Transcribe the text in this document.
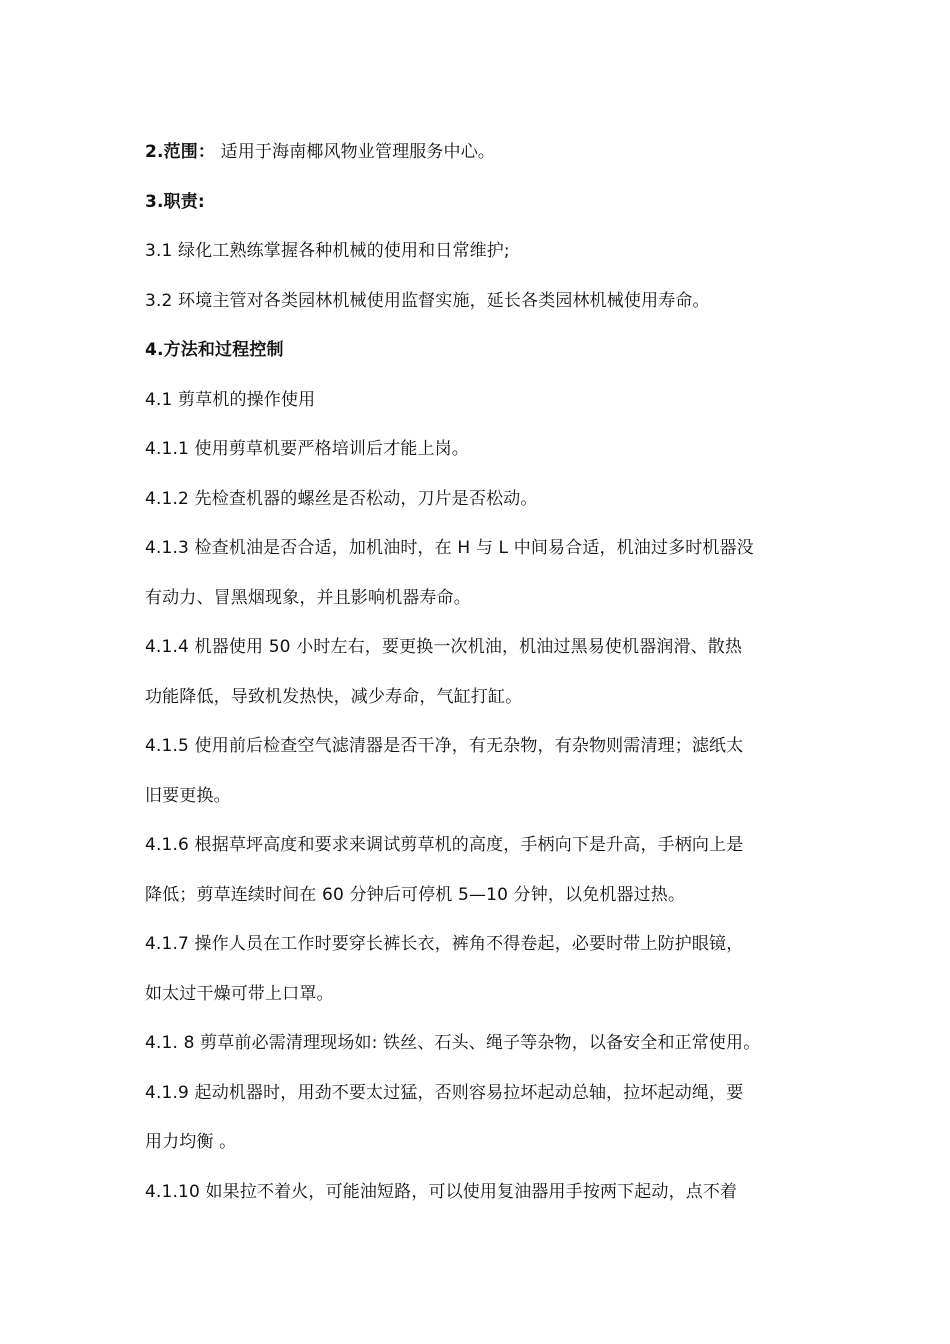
2.范围： 适用于海南椰风物业管理服务中心。
3.职责:
3.1 绿化工熟练掌握各种机械的使用和日常维护;
3.2 环境主管对各类园林机械使用监督实施，延长各类园林机械使用寿命。
4.方法和过程控制
4.1 剪草机的操作使用
4.1.1 使用剪草机要严格培训后才能上岗。
4.1.2 先检查机器的螺丝是否松动，刀片是否松动。
4.1.3 检查机油是否合适，加机油时，在 H 与 L 中间易合适，机油过多时机器没
有动力、冒黑烟现象，并且影响机器寿命。
4.1.4 机器使用 50 小时左右，要更换一次机油，机油过黑易使机器润滑、散热
功能降低，导致机发热快，减少寿命，气缸打缸。
4.1.5 使用前后检查空气滤清器是否干净，有无杂物，有杂物则需清理；滤纸太
旧要更换。
4.1.6 根据草坪高度和要求来调试剪草机的高度，手柄向下是升高，手柄向上是
降低；剪草连续时间在 60 分钟后可停机 5—10 分钟，以免机器过热。
4.1.7 操作人员在工作时要穿长裤长衣，裤角不得卷起，必要时带上防护眼镜，
如太过干燥可带上口罩。
4.1. 8 剪草前必需清理现场如: 铁丝、石头、绳子等杂物，以备安全和正常使用。
4.1.9 起动机器时，用劲不要太过猛，否则容易拉坏起动总轴，拉坏起动绳，要
用力均衡 。
4.1.10 如果拉不着火，可能油短路，可以使用复油器用手按两下起动，点不着
